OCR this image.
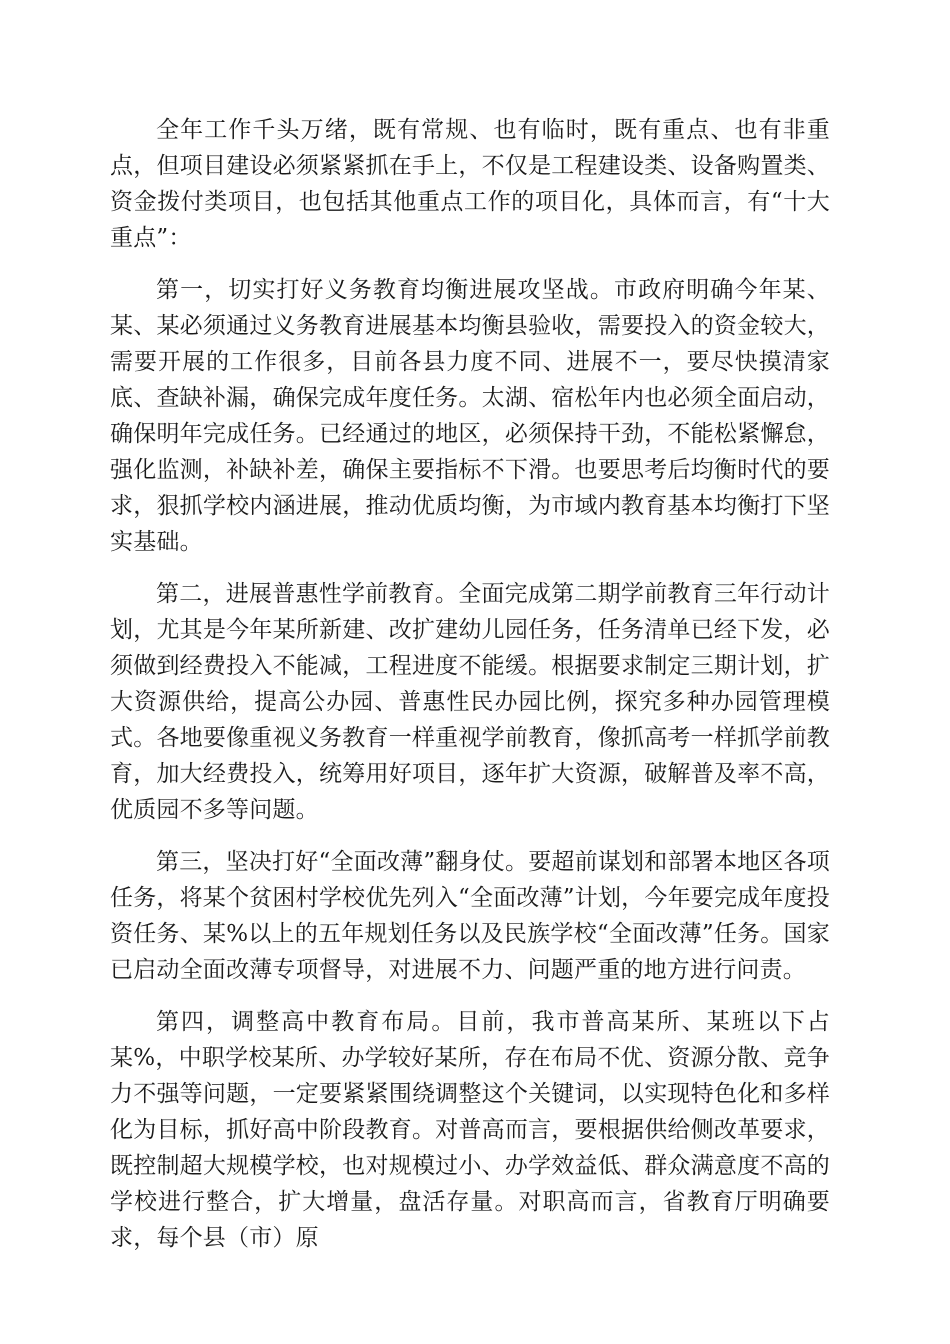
全年工作千头万绪，既有常规、也有临时，既有重点、也有非重点，但项目建设必须紧紧抓在手上，不仅是工程建设类、设备购置类、资金拨付类项目，也包括其他重点工作的项目化，具体而言，有“十大重点”：

第一，切实打好义务教育均衡进展攻坚战。市政府明确今年某、某、某必须通过义务教育进展基本均衡县验收，需要投入的资金较大，需要开展的工作很多，目前各县力度不同、进展不一，要尽快摸清家底、查缺补漏，确保完成年度任务。太湖、宿松年内也必须全面启动，确保明年完成任务。已经通过的地区，必须保持干劲，不能松紧懈怠，强化监测，补缺补差，确保主要指标不下滑。也要思考后均衡时代的要求，狠抓学校内涵进展，推动优质均衡，为市域内教育基本均衡打下坚实基础。

第二，进展普惠性学前教育。全面完成第二期学前教育三年行动计划，尤其是今年某所新建、改扩建幼儿园任务，任务清单已经下发，必须做到经费投入不能减，工程进度不能缓。根据要求制定三期计划，扩大资源供给，提高公办园、普惠性民办园比例，探究多种办园管理模式。各地要像重视义务教育一样重视学前教育，像抓高考一样抓学前教育，加大经费投入，统筹用好项目，逐年扩大资源，破解普及率不高，优质园不多等问题。

第三，坚决打好“全面改薄”翻身仗。要超前谋划和部署本地区各项任务，将某个贫困村学校优先列入“全面改薄”计划，今年要完成年度投资任务、某%以上的五年规划任务以及民族学校“全面改薄”任务。国家已启动全面改薄专项督导，对进展不力、问题严重的地方进行问责。

第四，调整高中教育布局。目前，我市普高某所、某班以下占某%，中职学校某所、办学较好某所，存在布局不优、资源分散、竞争力不强等问题，一定要紧紧围绕调整这个关键词，以实现特色化和多样化为目标，抓好高中阶段教育。对普高而言，要根据供给侧改革要求，既控制超大规模学校，也对规模过小、办学效益低、群众满意度不高的学校进行整合，扩大增量，盘活存量。对职高而言，省教育厅明确要求，每个县（市）原
